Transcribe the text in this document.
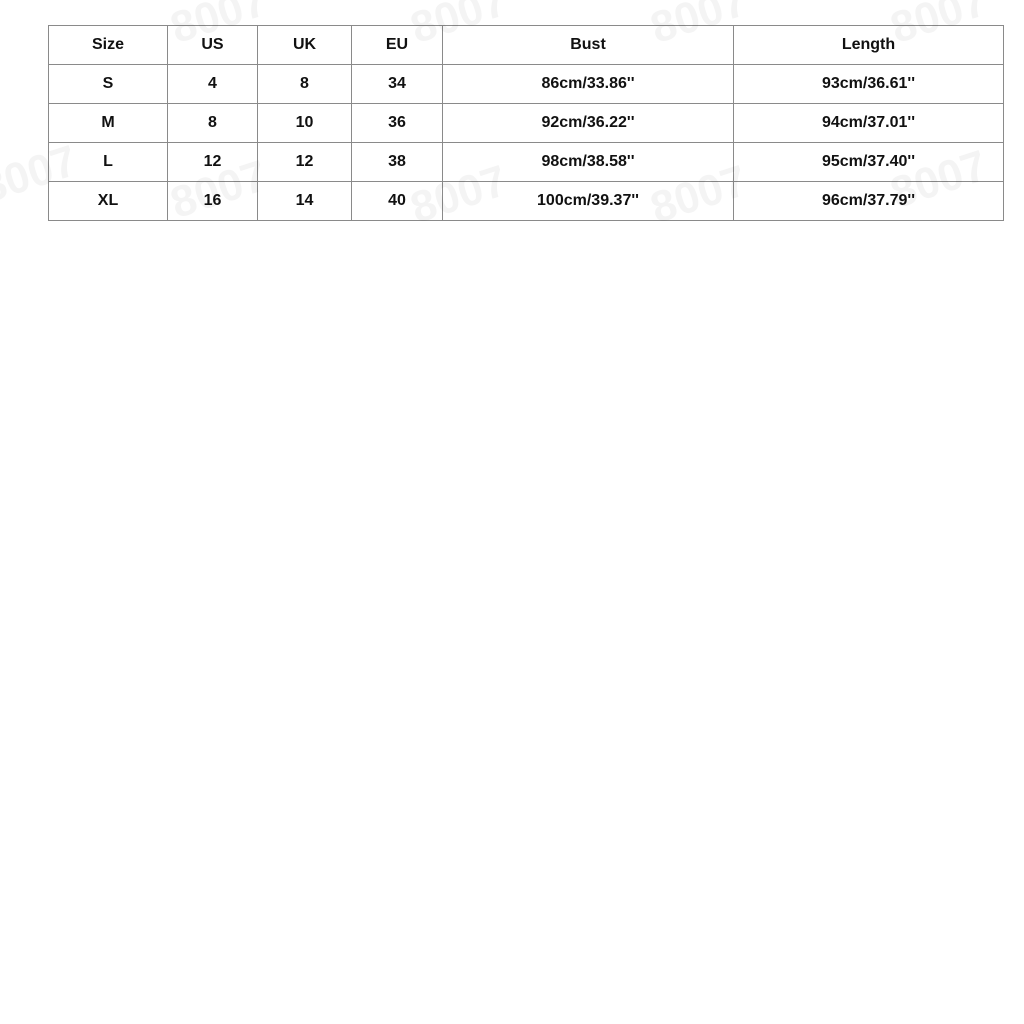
Size	US	UK	EU	Bust	Length
S	4	8	34	86cm/33.86''	93cm/36.61''
M	8	10	36	92cm/36.22''	94cm/37.01''
L	12	12	38	98cm/38.58''	95cm/37.40''
XL	16	14	40	100cm/39.37''	96cm/37.79''
